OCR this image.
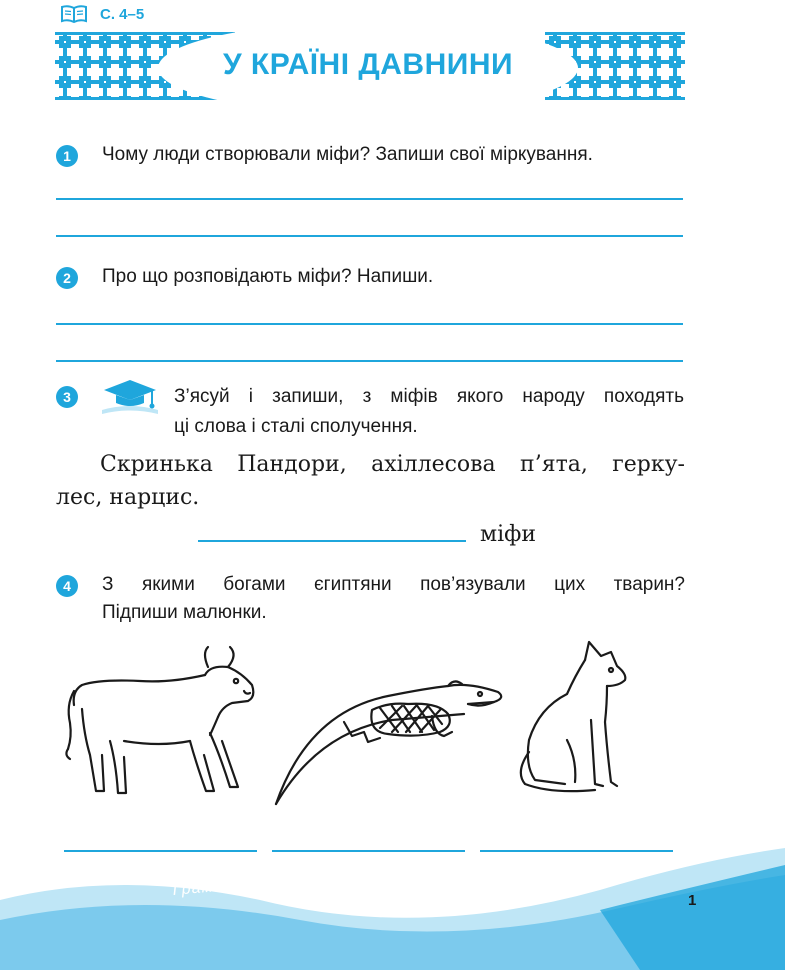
С. 4–5
У КРАЇНІ ДАВНИНИ
1	Чому люди створювали міфи? Запиши свої міркування.
2	Про що розповідають міфи? Напиши.
3	З’ясуй і запиши, з міфів якого народу походять
ці слова і сталі сполучення.
Скринька Пандори, ахіллесова п’ята, герку-
лес, нарцис.
міфи
4	З якими богами єгиптяни пов’язували цих тварин?
Підпиши малюнки.
Грамотний — видющий і на все тямущий.
1
